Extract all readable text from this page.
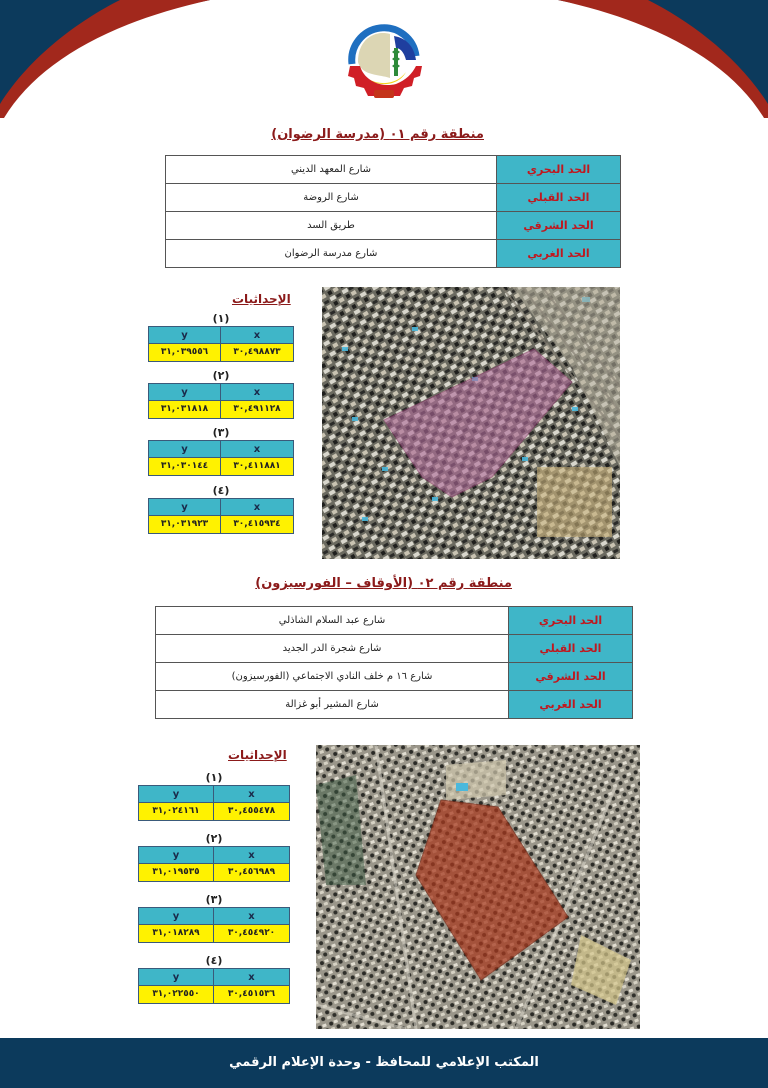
منطقة رقم ٠١ (مدرسة الرضوان)
الحد البحري	شارع المعهد الديني
الحد القبلي	شارع الروضة
الحد الشرقي	طريق السد
الحد الغربي	شارع مدرسة الرضوان
الإحداثيات
(١)
y	x
٣١,٠٣٩٥٥٦	٣٠,٤٩٨٨٧٣
(٢)
y	x
٣١,٠٣١٨١٨	٣٠,٤٩١١٢٨
(٣)
y	x
٣١,٠٣٠١٤٤	٣٠,٤١١٨٨١
(٤)
y	x
٣١,٠٣١٩٢٣	٣٠,٤١٥٩٣٤
منطقة رقم ٠٢ (الأوقاف – الفورسيزون)
الحد البحري	شارع عبد السلام الشاذلي
الحد القبلي	شارع شجرة الدر الجديد
الحد الشرقي	شارع ١٦ م خلف النادي الاجتماعي (الفورسيزون)
الحد الغربي	شارع المشير أبو غزالة
الإحداثيات
(١)
y	x
٣١,٠٢٤١٦١	٣٠,٤٥٥٤٧٨
(٢)
y	x
٣١,٠١٩٥٣٥	٣٠,٤٥٦٩٨٩
(٣)
y	x
٣١,٠١٨٢٨٩	٣٠,٤٥٤٩٢٠
(٤)
y	x
٣١,٠٢٢٥٥٠	٣٠,٤٥١٥٣٦
المكتب الإعلامي للمحافظ - وحدة الإعلام الرقمي
